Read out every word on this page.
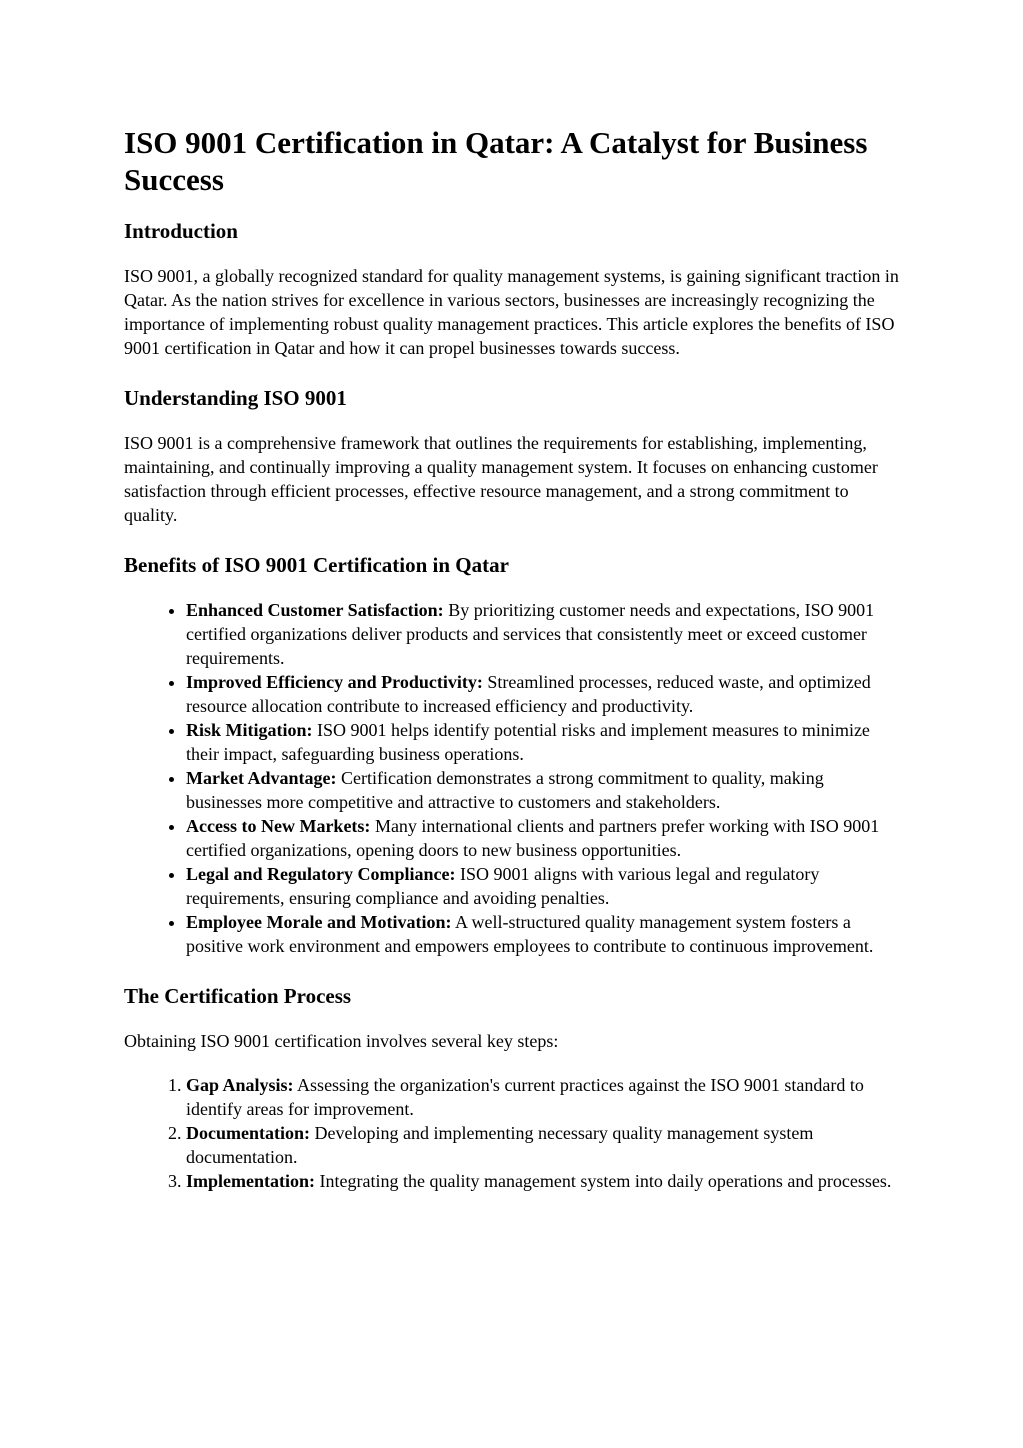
ISO 9001 Certification in Qatar: A Catalyst for Business Success
Introduction

ISO 9001, a globally recognized standard for quality management systems, is gaining significant traction in Qatar. As the nation strives for excellence in various sectors, businesses are increasingly recognizing the importance of implementing robust quality management practices. This article explores the benefits of ISO 9001 certification in Qatar and how it can propel businesses towards success.

Understanding ISO 9001

ISO 9001 is a comprehensive framework that outlines the requirements for establishing, implementing, maintaining, and continually improving a quality management system. It focuses on enhancing customer satisfaction through efficient processes, effective resource management, and a strong commitment to quality.

Benefits of ISO 9001 Certification in Qatar
• Enhanced Customer Satisfaction: By prioritizing customer needs and expectations, ISO 9001 certified organizations deliver products and services that consistently meet or exceed customer requirements.
• Improved Efficiency and Productivity: Streamlined processes, reduced waste, and optimized resource allocation contribute to increased efficiency and productivity.
• Risk Mitigation: ISO 9001 helps identify potential risks and implement measures to minimize their impact, safeguarding business operations.
• Market Advantage: Certification demonstrates a strong commitment to quality, making businesses more competitive and attractive to customers and stakeholders.
• Access to New Markets: Many international clients and partners prefer working with ISO 9001 certified organizations, opening doors to new business opportunities.
• Legal and Regulatory Compliance: ISO 9001 aligns with various legal and regulatory requirements, ensuring compliance and avoiding penalties.
• Employee Morale and Motivation: A well-structured quality management system fosters a positive work environment and empowers employees to contribute to continuous improvement.
The Certification Process

Obtaining ISO 9001 certification involves several key steps:

1. Gap Analysis: Assessing the organization's current practices against the ISO 9001 standard to identify areas for improvement.
2. Documentation: Developing and implementing necessary quality management system documentation.
3. Implementation: Integrating the quality management system into daily operations and processes.
